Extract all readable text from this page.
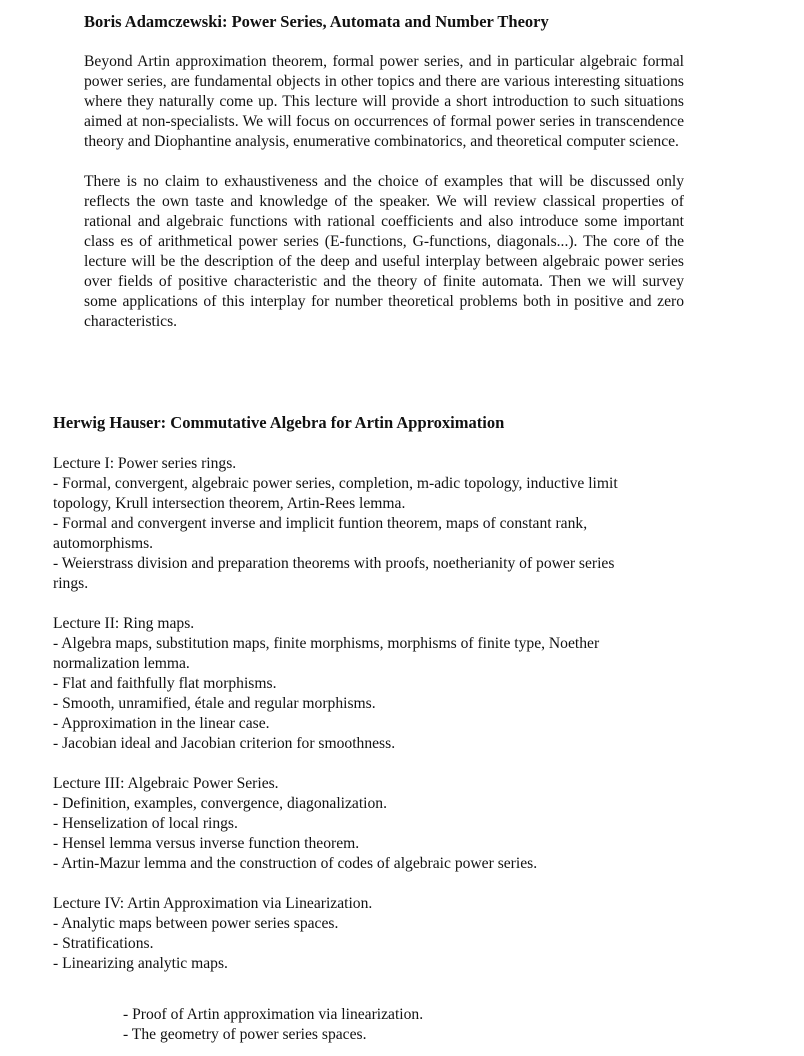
Boris Adamczewski: Power Series, Automata and Number Theory

Beyond Artin approximation theorem, formal power series, and in particular algebraic formal power series, are fundamental objects in other topics and there are various interesting situations where they naturally come up. This lecture will provide a short introduction to such situations aimed at non-specialists. We will focus on occurrences of formal power series in transcendence theory and Diophantine analysis, enumerative combinatorics, and theoretical computer science.

There is no claim to exhaustiveness and the choice of examples that will be discussed only reflects the own taste and knowledge of the speaker. We will review classical properties of rational and algebraic functions with rational coefficients and also introduce some important class es of arithmetical power series (E-functions, G-functions, diagonals...). The core of the lecture will be the description of the deep and useful interplay between algebraic power series over fields of positive characteristic and the theory of finite automata. Then we will survey some applications of this interplay for number theoretical problems both in positive and zero characteristics.

Herwig Hauser: Commutative Algebra for Artin Approximation
Lecture I: Power series rings.
- Formal, convergent, algebraic power series, completion, m-adic topology, inductive limit topology, Krull intersection theorem, Artin-Rees lemma.
- Formal and convergent inverse and implicit funtion theorem, maps of constant rank, automorphisms.
- Weierstrass division and preparation theorems with proofs, noetherianity of power series rings.
Lecture II: Ring maps.
- Algebra maps, substitution maps, finite morphisms, morphisms of finite type, Noether normalization lemma.
- Flat and faithfully flat morphisms.
- Smooth, unramified, étale and regular morphisms.
- Approximation in the linear case.
- Jacobian ideal and Jacobian criterion for smoothness.
Lecture III: Algebraic Power Series.
- Definition, examples, convergence, diagonalization.
- Henselization of local rings.
- Hensel lemma versus inverse function theorem.
- Artin-Mazur lemma and the construction of codes of algebraic power series.
Lecture IV: Artin Approximation via Linearization.
- Analytic maps between power series spaces.
- Stratifications.
- Linearizing analytic maps.
- Proof of Artin approximation via linearization.
- The geometry of power series spaces.
